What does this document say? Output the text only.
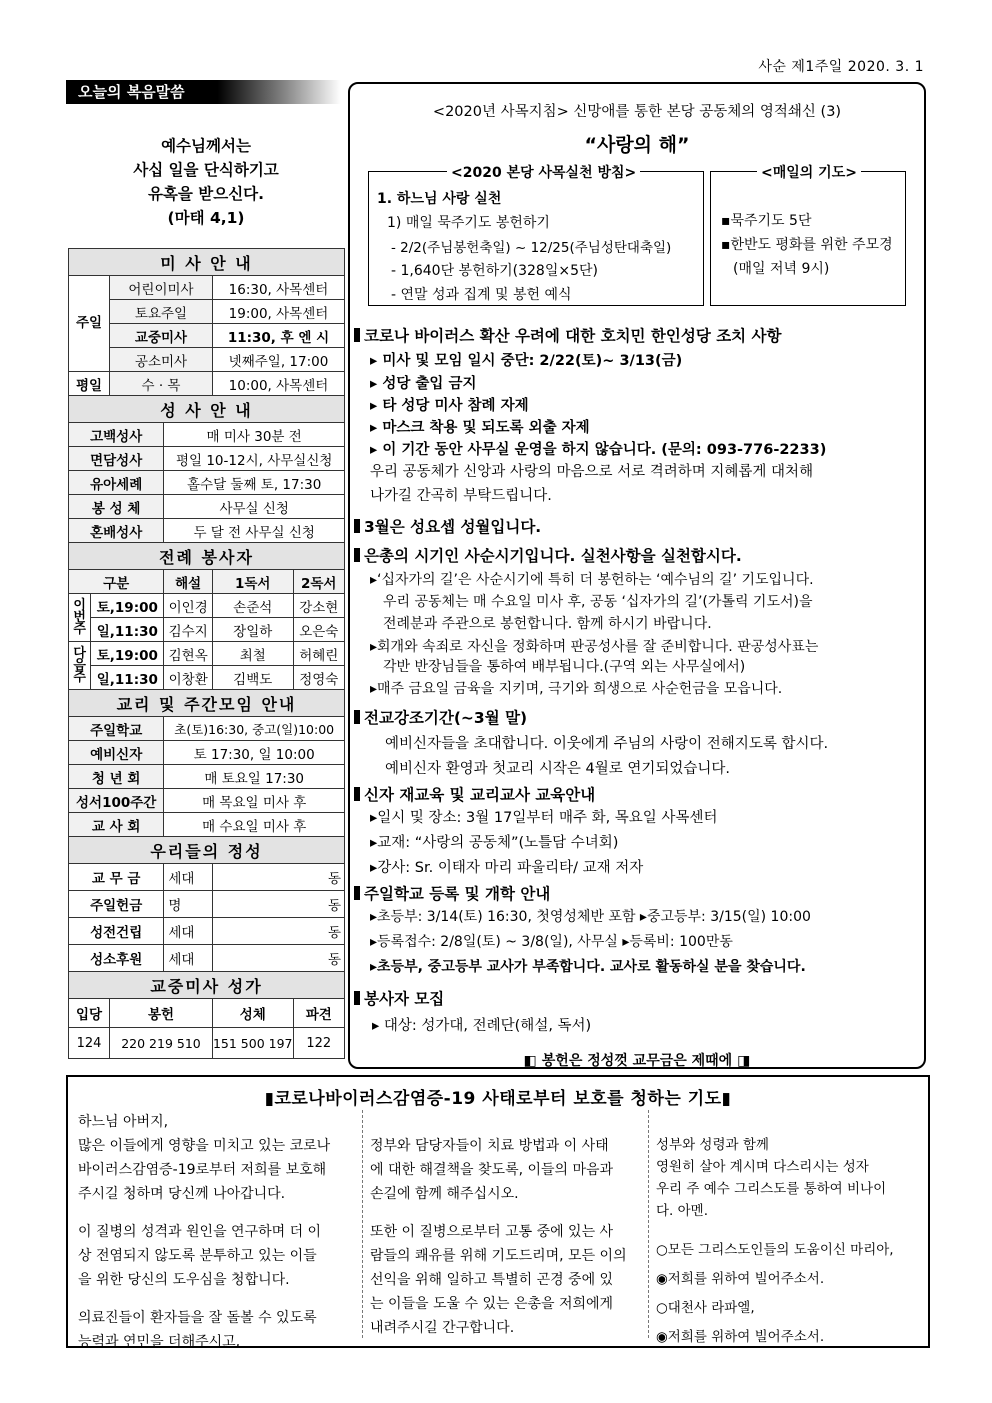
사순 제1주일 2020. 3. 1
오늘의 복음말씀
예수님께서는
사십 일을 단식하기고
유혹을 받으신다.
(마태 4,1)
미 사 안 내					
주일		어린이미사		16:30, 사목센터	
		토요주일		19:00, 사목센터	
		교중미사		11:30, 후 엔 시	
		공소미사		넷째주일, 17:00	
평일		수 · 목		10:00, 사목센터	
성 사 안 내					
고백성사			매 미사 30분 전		
면담성사			평일 10-12시, 사무실신청		
유아세례			홀수달 둘째 토, 17:30		
봉 성 체			사무실 신청		
혼배성사			두 달 전 사무실 신청		
전례 봉사자					
구분			해설	1독서	2독서
이번주	토,19:00		이인경	손준석	강소현
	일,11:30		김수지	장일하	오은숙
다음주	토,19:00		김현옥	최철	허혜린
	일,11:30		이창환	김백도	정영숙
교리 및 주간모임 안내					
주일학교			초(토)16:30, 중고(일)10:00		
예비신자			토 17:30, 일 10:00		
청 년 회			매 토요일 17:30		
성서100주간			매 목요일 미사 후		
교 사 회			매 수요일 미사 후		
우리들의 정성					
교 무 금			세대	동	
주일헌금			명	동	
성전건립			세대	동	
성소후원			세대	동	
교중미사 성가					
입당		봉헌		성체	파견
124		220 219 510		151 500 197	122
<2020년 사목지침> 신망애를 통한 본당 공동체의 영적쇄신 (3)
“사랑의 해”
<2020 본당 사목실천 방침>
1. 하느님 사랑 실천
1) 매일 묵주기도 봉헌하기
- 2/2(주님봉헌축일) ~ 12/25(주님성탄대축일)
- 1,640단 봉헌하기(328일×5단)
- 연말 성과 집계 및 봉헌 예식
<매일의 기도>
▪묵주기도 5단
▪한반도 평화를 위한 주모경
(매일 저녁 9시)
코로나 바이러스 확산 우려에 대한 호치민 한인성당 조치 사항
▸ 미사 및 모임 일시 중단: 2/22(토)~ 3/13(금)
▸ 성당 출입 금지
▸ 타 성당 미사 참례 자제
▸ 마스크 착용 및 되도록 외출 자제
▸ 이 기간 동안 사무실 운영을 하지 않습니다. (문의: 093-776-2233)
우리 공동체가 신앙과 사랑의 마음으로 서로 격려하며 지혜롭게 대처해
나가길 간곡히 부탁드립니다.
3월은 성요셉 성월입니다.
은총의 시기인 사순시기입니다. 실천사항을 실천합시다.
▸‘십자가의 길’은 사순시기에 특히 더 봉헌하는 ‘예수님의 길’ 기도입니다.
우리 공동체는 매 수요일 미사 후, 공동 ‘십자가의 길’(가톨릭 기도서)을
전례분과 주관으로 봉헌합니다. 함께 하시기 바랍니다.
▸회개와 속죄로 자신을 정화하며 판공성사를 잘 준비합니다. 판공성사표는
각반 반장님들을 통하여 배부됩니다.(구역 외는 사무실에서)
▸매주 금요일 금육을 지키며, 극기와 희생으로 사순헌금을 모읍니다.
전교강조기간(~3월 말)
예비신자들을 초대합니다. 이웃에게 주님의 사랑이 전해지도록 합시다.
예비신자 환영과 첫교리 시작은 4월로 연기되었습니다.
신자 재교육 및 교리교사 교육안내
▸일시 및 장소: 3월 17일부터 매주 화, 목요일 사목센터
▸교재: “사랑의 공동체”(노틀담 수녀회)
▸강사: Sr. 이태자 마리 파울리타/ 교재 저자
주일학교 등록 및 개학 안내
▸초등부: 3/14(토) 16:30, 첫영성체반 포함 ▸중고등부: 3/15(일) 10:00
▸등록접수: 2/8일(토) ~ 3/8(일), 사무실 ▸등록비: 100만동
▸초등부, 중고등부 교사가 부족합니다. 교사로 활동하실 분을 찾습니다.
봉사자 모집
▸ 대상: 성가대, 전례단(해설, 독서)
◧ 봉헌은 정성껏 교무금은 제때에 ◨
▮코로나바이러스감염증-19 사태로부터 보호를 청하는 기도▮
하느님 아버지,
많은 이들에게 영향을 미치고 있는 코로나
바이러스감염증-19로부터 저희를 보호해
주시길 청하며 당신께 나아갑니다.
이 질병의 성격과 원인을 연구하며 더 이
상 전염되지 않도록 분투하고 있는 이들
을 위한 당신의 도우심을 청합니다.
의료진들이 환자들을 잘 돌볼 수 있도록
능력과 연민을 더해주시고,
정부와 담당자들이 치료 방법과 이 사태
에 대한 해결책을 찾도록, 이들의 마음과
손길에 함께 해주십시오.
또한 이 질병으로부터 고통 중에 있는 사
람들의 쾌유를 위해 기도드리며, 모든 이의
선익을 위해 일하고 특별히 곤경 중에 있
는 이들을 도울 수 있는 은총을 저희에게
내려주시길 간구합니다.
성부와 성령과 함께
영원히 살아 계시며 다스리시는 성자
우리 주 예수 그리스도를 통하여 비나이
다. 아멘.
○모든 그리스도인들의 도움이신 마리아,
◉저희를 위하여 빌어주소서.
○대천사 라파엘,
◉저희를 위하여 빌어주소서.
